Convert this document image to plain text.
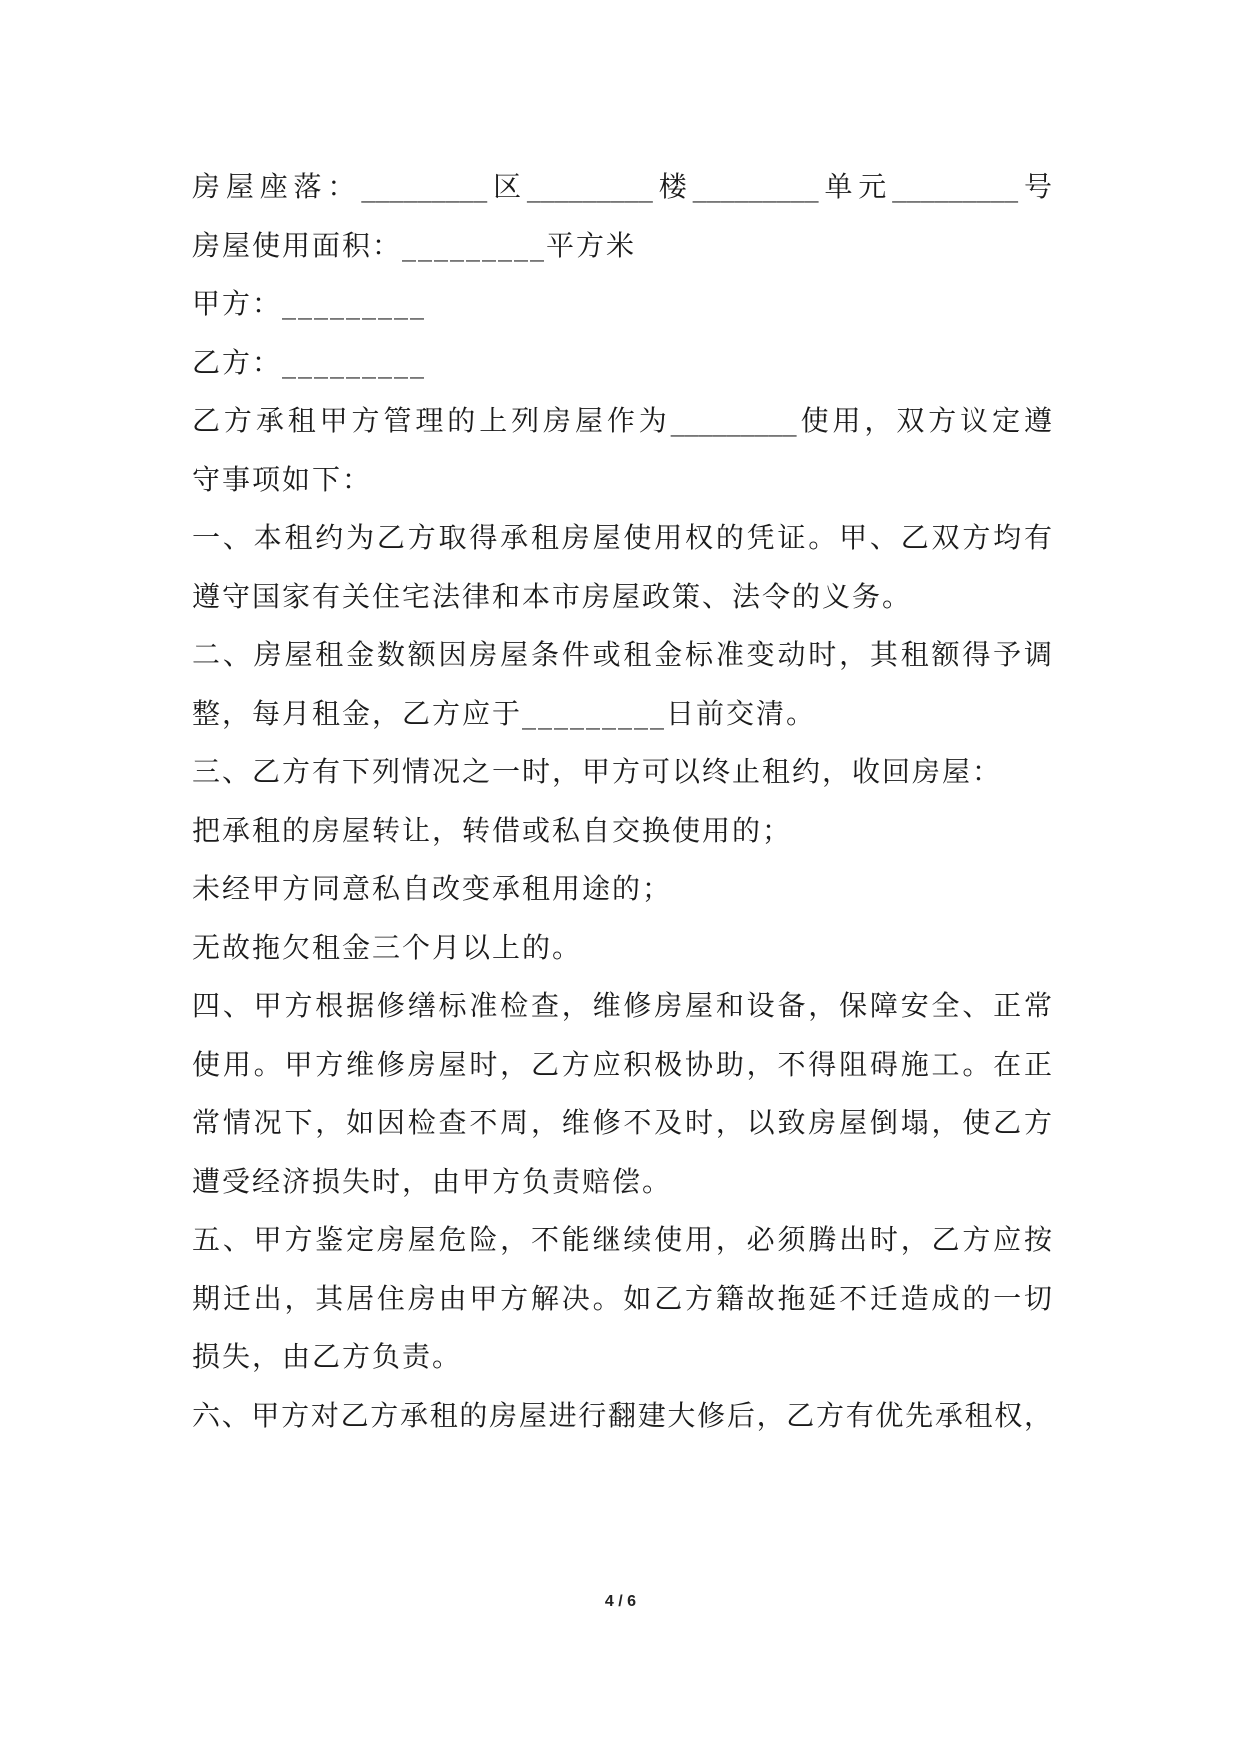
房屋座落：_________区_________楼_________单元_________号
房屋使用面积：_________平方米
甲方：_________
乙方：_________
乙方承租甲方管理的上列房屋作为_________使用，双方议定遵
守事项如下：
一、本租约为乙方取得承租房屋使用权的凭证。甲、乙双方均有
遵守国家有关住宅法律和本市房屋政策、法令的义务。
二、房屋租金数额因房屋条件或租金标准变动时，其租额得予调
整，每月租金，乙方应于_________日前交清。
三、乙方有下列情况之一时，甲方可以终止租约，收回房屋：
把承租的房屋转让，转借或私自交换使用的；
未经甲方同意私自改变承租用途的；
无故拖欠租金三个月以上的。
四、甲方根据修缮标准检查，维修房屋和设备，保障安全、正常
使用。甲方维修房屋时，乙方应积极协助，不得阻碍施工。在正
常情况下，如因检查不周，维修不及时，以致房屋倒塌，使乙方
遭受经济损失时，由甲方负责赔偿。
五、甲方鉴定房屋危险，不能继续使用，必须腾出时，乙方应按
期迁出，其居住房由甲方解决。如乙方籍故拖延不迁造成的一切
损失，由乙方负责。
六、甲方对乙方承租的房屋进行翻建大修后，乙方有优先承租权，
4 / 6
